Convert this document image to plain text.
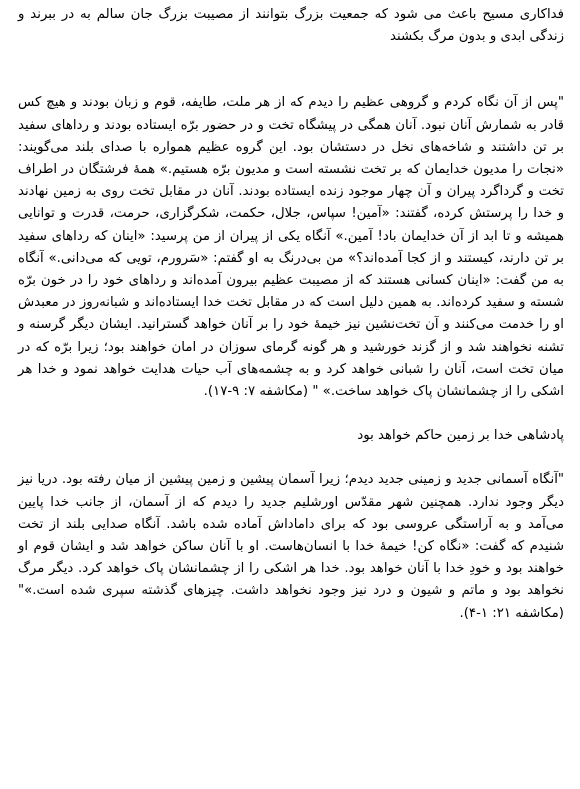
فداکاری مسیح باعث می شود که جمعیت بزرگ بتوانند از مصیبت بزرگ جان سالم به در ببرند و زندگی ابدی و بدون مرگ بکشند

"پس از آن نگاه کردم و گروهی عظیم را دیدم که از هر ملت، طایفه، قوم و زبان بودند و هیچ کس قادر به شمارش آنان نبود. آنان همگی در پیشگاه تخت و در حضور برّه ایستاده بودند و رداهای سفید بر تن داشتند و شاخه‌های نخل در دستشان بود. این گروه عظیم همواره با صدای بلند می‌گویند: «نجات را مدیون خدایمان که بر تخت نشسته است و مدیون برّه هستیم.» همهٔ فرشتگان در اطراف تخت و گرداگرد پیران و آن چهار موجود زنده ایستاده بودند. آنان در مقابل تخت روی به زمین نهادند و خدا را پرستش کرده، گفتند: «آمین! سپاس، جلال، حکمت، شکرگزاری، حرمت، قدرت و توانایی همیشه و تا ابد از آن خدایمان باد! آمین.» آنگاه یکی از پیران از من پرسید: «اینان که رداهای سفید بر تن دارند، کیستند و از کجا آمده‌اند؟» من بی‌درنگ به او گفتم: «سَرورم، تویی که می‌دانی.» آنگاه به من گفت: «اینان کسانی هستند که از مصیبت عظیم بیرون آمده‌اند و رداهای خود را در خون برّه شسته و سفید کرده‌اند. به همین دلیل است که در مقابل تخت خدا ایستاده‌اند و شبانه‌روز در معبدش او را خدمت می‌کنند و آن تخت‌نشین نیز خیمهٔ خود را بر آنان خواهد گسترانید. ایشان دیگر گرسنه و تشنه نخواهند شد و از گزند خورشید و هر گونه گرمای سوزان در امان خواهند بود؛ زیرا برّه که در میان تخت است، آنان را شبانی خواهد کرد و به چشمه‌های آب حیات هدایت خواهد نمود و خدا هر اشکی را از چشمانشان پاک خواهد ساخت.» " (مکاشفه ۷: ۹-۱۷).

پادشاهی خدا بر زمین حاکم خواهد بود

"آنگاه آسمانی جدید و زمینی جدید دیدم؛ زیرا آسمان پیشین و زمین پیشین از میان رفته بود. دریا نیز دیگر وجود ندارد. همچنین شهر مقدّس اورشلیم جدید را دیدم که از آسمان، از جانب خدا پایین می‌آمد و به آراستگی عروسی بود که برای داماداش آماده شده باشد. آنگاه صدایی بلند از تخت شنیدم که گفت: «نگاه کن! خیمهٔ خدا با انسان‌هاست. او با آنان ساکن خواهد شد و ایشان قوم او خواهند بود و خودِ خدا با آنان خواهد بود. خدا هر اشکی را از چشمانشان پاک خواهد کرد. دیگر مرگ نخواهد بود و ماتم و شیون و درد نیز وجود نخواهد داشت. چیزهای گذشته سپری شده است.»" (مکاشفه ۲۱: ۱-۴).
